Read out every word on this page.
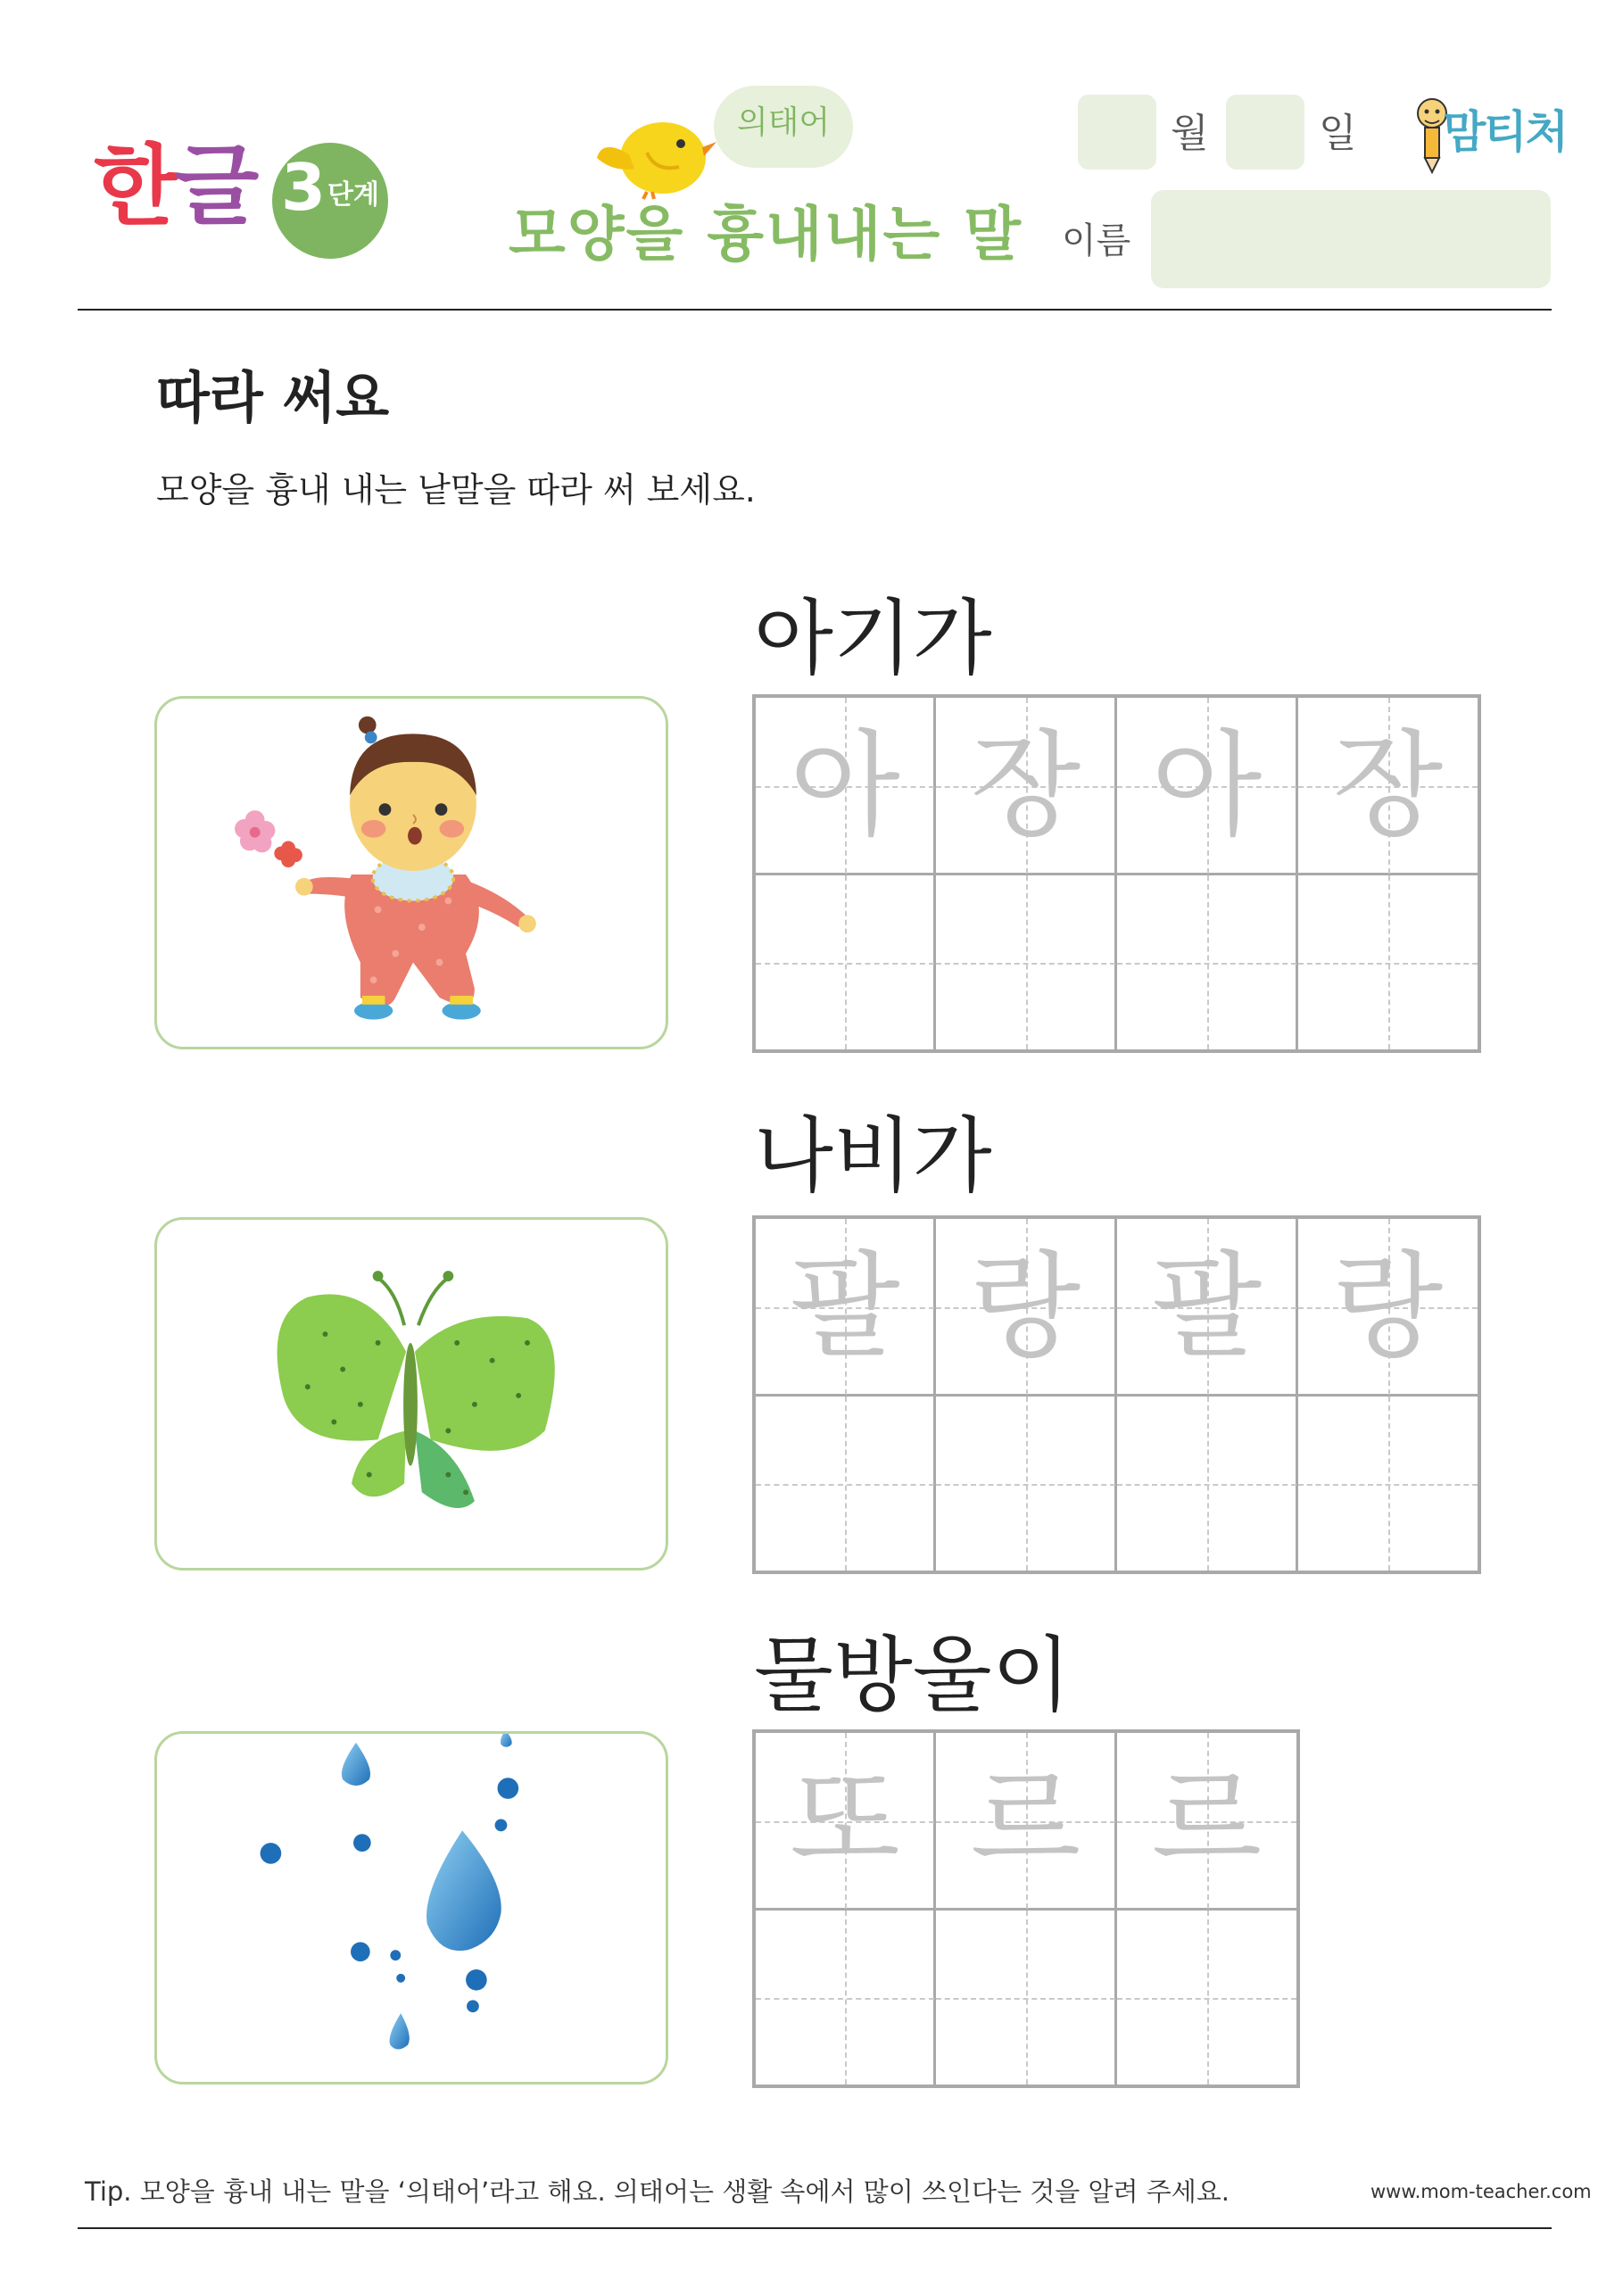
한글 3 단계
의태어
모양을 흉내내는 말
월	일
이름
맘티처
따라 써요
모양을 흉내 내는 낱말을 따라 써 보세요.
아기가
아 장 아 장
나비가
팔 랑 팔 랑
물방울이
또 르 르
Tip. 모양을 흉내 내는 말을 ‘의태어’라고 해요. 의태어는 생활 속에서 많이 쓰인다는 것을 알려 주세요.	www.mom-teacher.com
